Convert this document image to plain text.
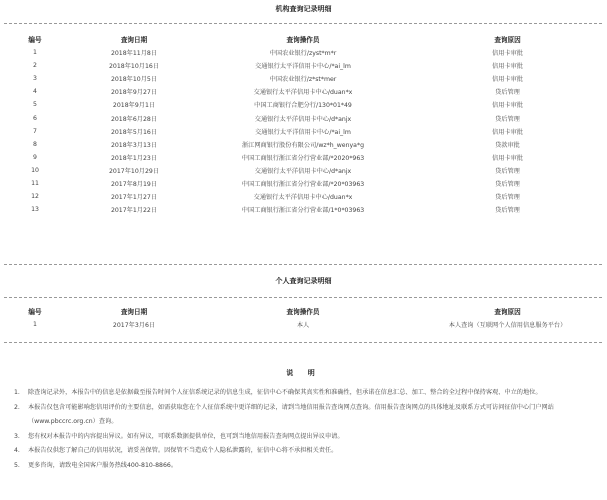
机构查询记录明细
编号	查询日期	查询操作员	查询原因
1	2018年11月8日	中国农业银行/zyst*m*r	信用卡审批
2	2018年10月16日	交通银行太平洋信用卡中心/*ai_lm	信用卡审批
3	2018年10月5日	中国农业银行/z*st*mer	信用卡审批
4	2018年9月27日	交通银行太平洋信用卡中心/duan*x	贷后管理
5	2018年9月1日	中国工商银行合肥分行/130*01*49	信用卡审批
6	2018年6月28日	交通银行太平洋信用卡中心/d*anjx	贷后管理
7	2018年5月16日	交通银行太平洋信用卡中心/*ai_lm	信用卡审批
8	2018年3月13日	浙江网商银行股份有限公司/wz*h_wenya*g	贷款审批
9	2018年1月23日	中国工商银行浙江省分行营业部/*2020*963	信用卡审批
10	2017年10月29日	交通银行太平洋信用卡中心/d*anjx	贷后管理
11	2017年8月19日	中国工商银行浙江省分行营业部/*20*03963	贷后管理
12	2017年1月27日	交通银行太平洋信用卡中心/duan*x	贷后管理
13	2017年1月22日	中国工商银行浙江省分行营业部/1*0*03963	贷后管理
个人查询记录明细
编号	查询日期	查询操作员	查询原因
1	2017年3月6日	本人	本人查询（互联网个人信用信息服务平台）
说 明
1. 除查询记录外，本报告中的信息是依据截至报告时间个人征信系统记录的信息生成，征信中心不确保其真实性和准确性，但承诺在信息汇总、加工、整合的全过程中保持客观、中立的地位。
2. 本报告仅包含可能影响您信用评价的主要信息，如需获取您在个人征信系统中更详细的记录，请到当地信用报告查询网点查询。信用报告查询网点的具体地址及联系方式可访问征信中心门户网站（www.pbccrc.org.cn）查询。
3. 您有权对本报告中的内容提出异议。如有异议，可联系数据提供单位，也可到当地信用报告查询网点提出异议申请。
4. 本报告仅供您了解自己的信用状况，请妥善保管。因保管不当造成个人隐私泄露的，征信中心将不承担相关责任。
5. 更多咨询，请致电全国客户服务热线400-810-8866。
